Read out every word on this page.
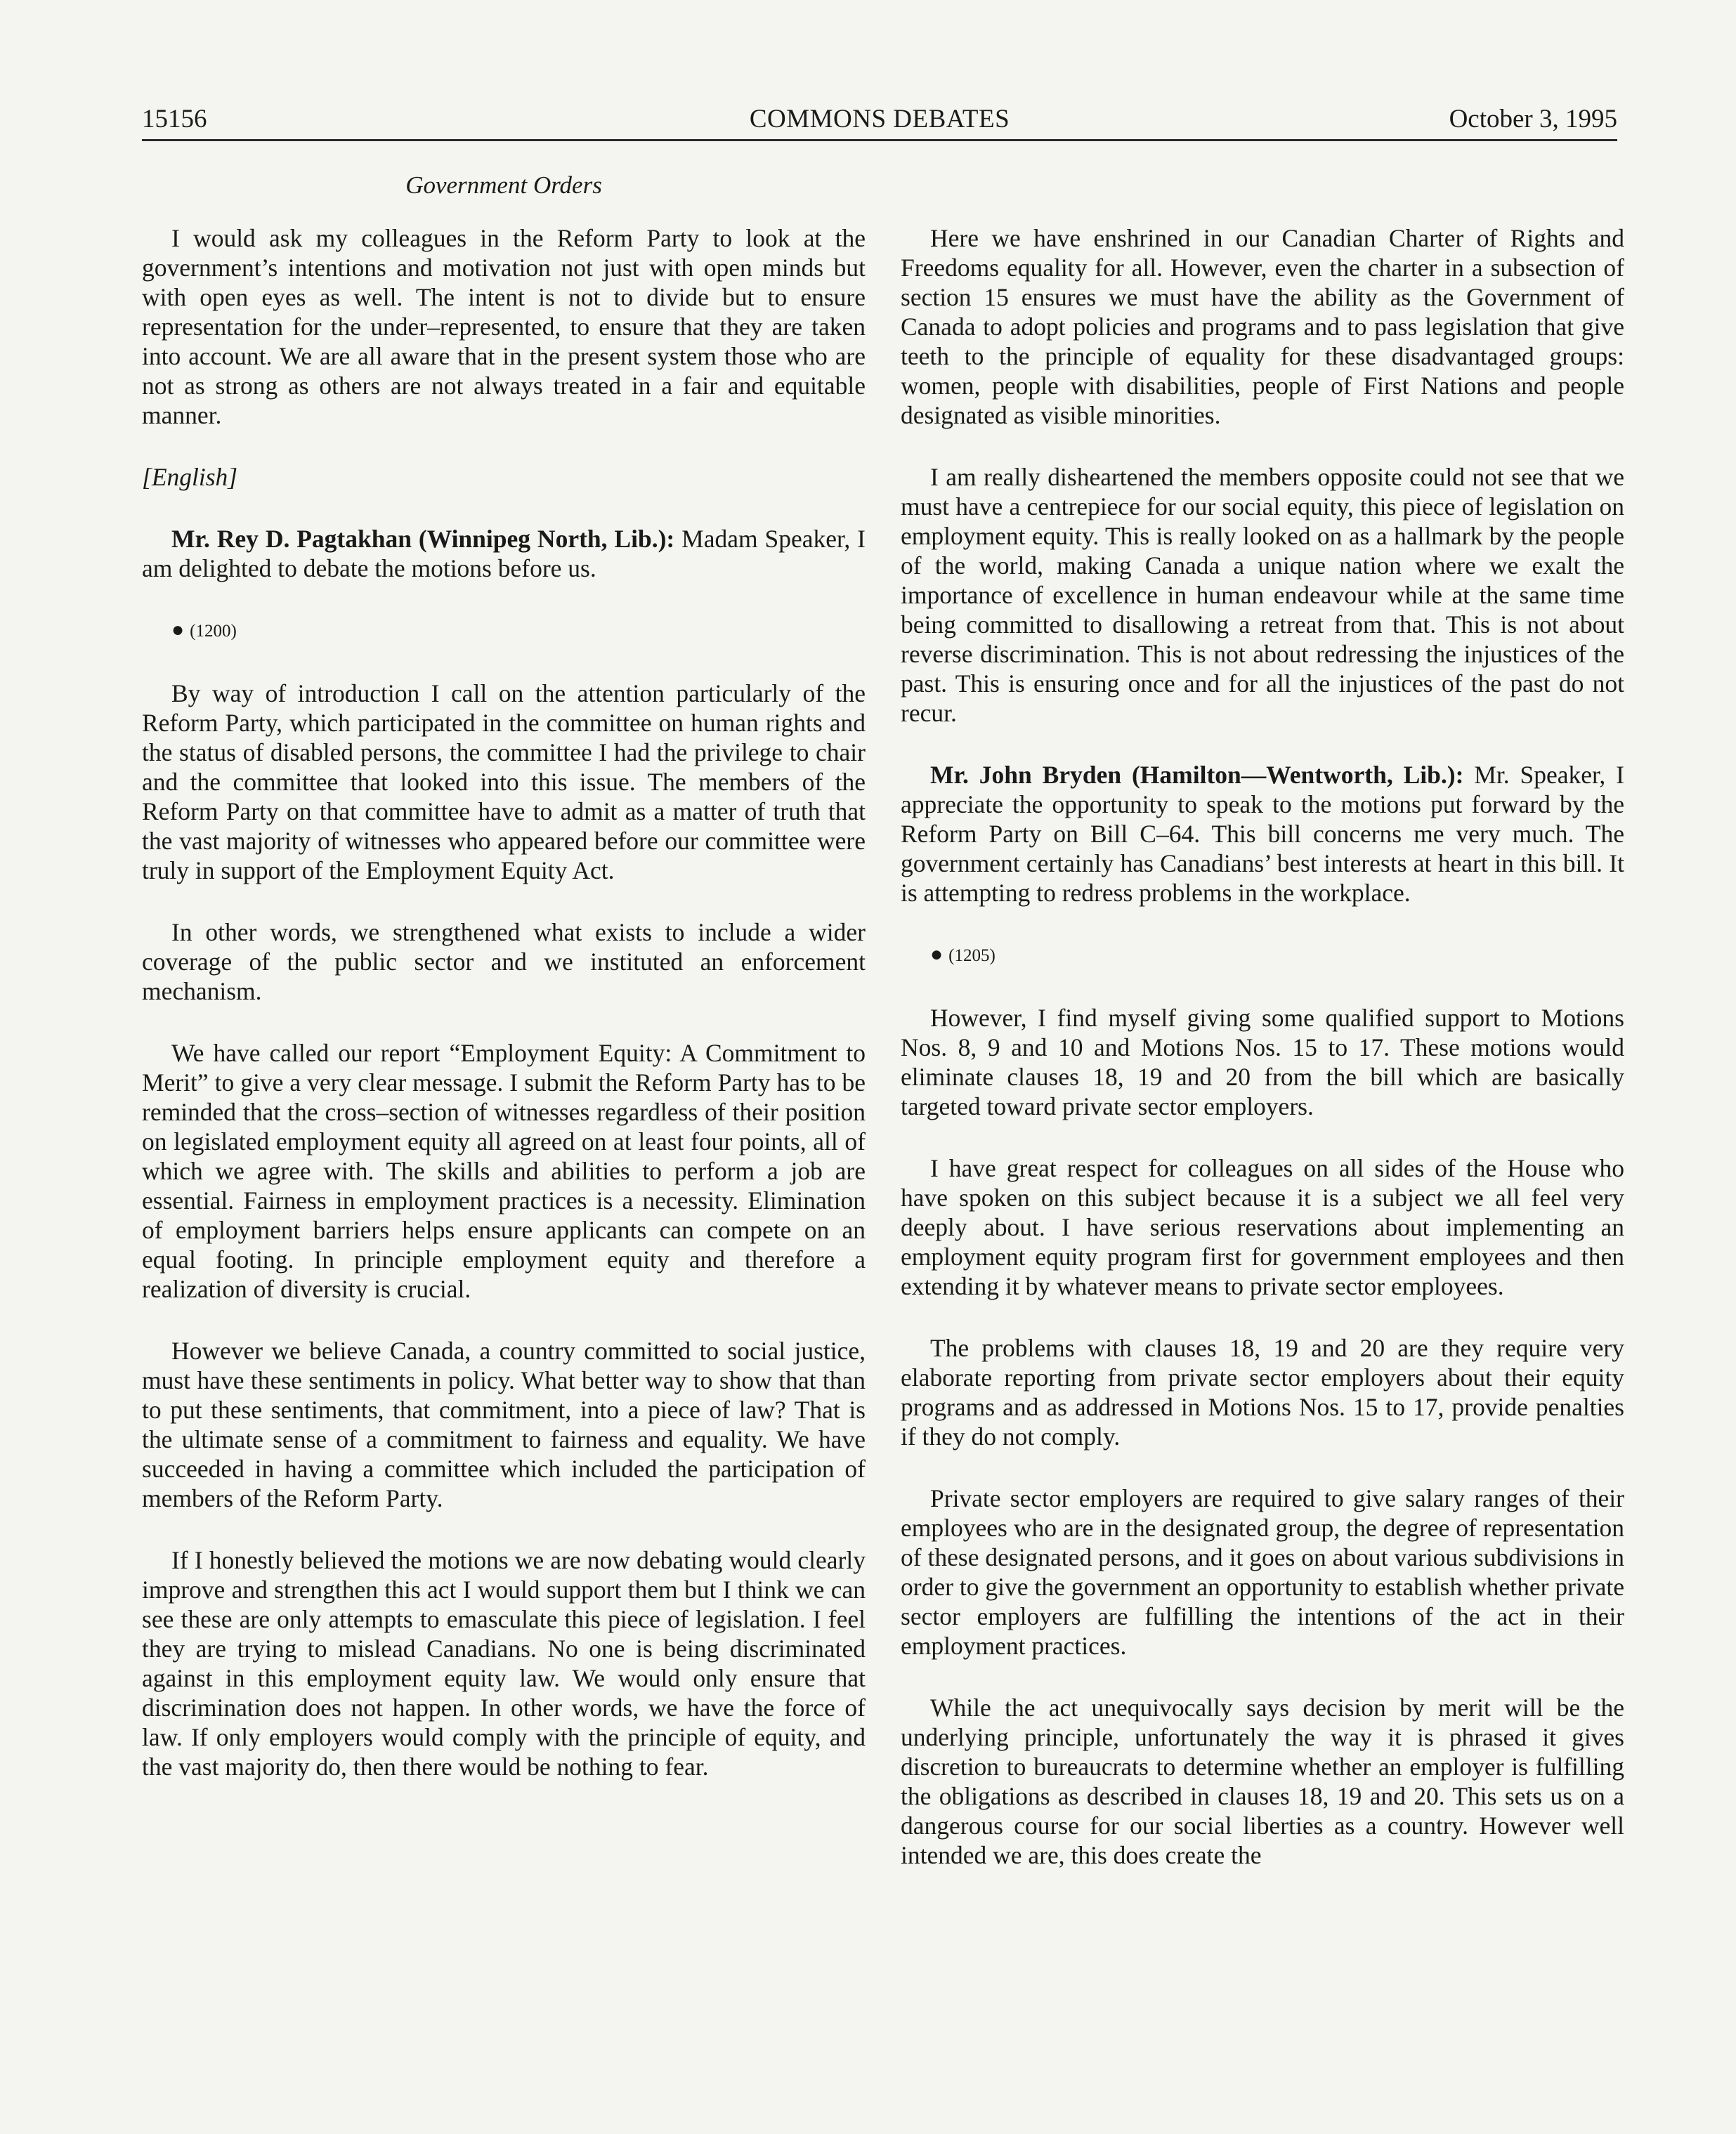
15156	COMMONS DEBATES	October 3, 1995
Government Orders

I would ask my colleagues in the Reform Party to look at the government’s intentions and motivation not just with open minds but with open eyes as well. The intent is not to divide but to ensure representation for the under–represented, to ensure that they are taken into account. We are all aware that in the present system those who are not as strong as others are not always treated in a fair and equitable manner.

[English]

Mr. Rey D. Pagtakhan (Winnipeg North, Lib.): Madam Speaker, I am delighted to debate the motions before us.

● (1200)

By way of introduction I call on the attention particularly of the Reform Party, which participated in the committee on human rights and the status of disabled persons, the committee I had the privilege to chair and the committee that looked into this issue. The members of the Reform Party on that committee have to admit as a matter of truth that the vast majority of witnesses who appeared before our committee were truly in support of the Employment Equity Act.

In other words, we strengthened what exists to include a wider coverage of the public sector and we instituted an enforcement mechanism.

We have called our report “Employment Equity: A Commitment to Merit” to give a very clear message. I submit the Reform Party has to be reminded that the cross–section of witnesses regardless of their position on legislated employment equity all agreed on at least four points, all of which we agree with. The skills and abilities to perform a job are essential. Fairness in employment practices is a necessity. Elimination of employment barriers helps ensure applicants can compete on an equal footing. In principle employment equity and therefore a realization of diversity is crucial.

However we believe Canada, a country committed to social justice, must have these sentiments in policy. What better way to show that than to put these sentiments, that commitment, into a piece of law? That is the ultimate sense of a commitment to fairness and equality. We have succeeded in having a committee which included the participation of members of the Reform Party.

If I honestly believed the motions we are now debating would clearly improve and strengthen this act I would support them but I think we can see these are only attempts to emasculate this piece of legislation. I feel they are trying to mislead Canadians. No one is being discriminated against in this employment equity law. We would only ensure that discrimination does not happen. In other words, we have the force of law. If only employers would comply with the principle of equity, and the vast majority do, then there would be nothing to fear.

Here we have enshrined in our Canadian Charter of Rights and Freedoms equality for all. However, even the charter in a subsection of section 15 ensures we must have the ability as the Government of Canada to adopt policies and programs and to pass legislation that give teeth to the principle of equality for these disadvantaged groups: women, people with disabilities, people of First Nations and people designated as visible minorities.

I am really disheartened the members opposite could not see that we must have a centrepiece for our social equity, this piece of legislation on employment equity. This is really looked on as a hallmark by the people of the world, making Canada a unique nation where we exalt the importance of excellence in human endeavour while at the same time being committed to disallowing a retreat from that. This is not about reverse discrimination. This is not about redressing the injustices of the past. This is ensuring once and for all the injustices of the past do not recur.

Mr. John Bryden (Hamilton—Wentworth, Lib.): Mr. Speaker, I appreciate the opportunity to speak to the motions put forward by the Reform Party on Bill C–64. This bill concerns me very much. The government certainly has Canadians’ best interests at heart in this bill. It is attempting to redress problems in the workplace.

● (1205)

However, I find myself giving some qualified support to Motions Nos. 8, 9 and 10 and Motions Nos. 15 to 17. These motions would eliminate clauses 18, 19 and 20 from the bill which are basically targeted toward private sector employers.

I have great respect for colleagues on all sides of the House who have spoken on this subject because it is a subject we all feel very deeply about. I have serious reservations about implementing an employment equity program first for government employees and then extending it by whatever means to private sector employees.

The problems with clauses 18, 19 and 20 are they require very elaborate reporting from private sector employers about their equity programs and as addressed in Motions Nos. 15 to 17, provide penalties if they do not comply.

Private sector employers are required to give salary ranges of their employees who are in the designated group, the degree of representation of these designated persons, and it goes on about various subdivisions in order to give the government an opportunity to establish whether private sector employers are fulfilling the intentions of the act in their employment practices.

While the act unequivocally says decision by merit will be the underlying principle, unfortunately the way it is phrased it gives discretion to bureaucrats to determine whether an employer is fulfilling the obligations as described in clauses 18, 19 and 20. This sets us on a dangerous course for our social liberties as a country. However well intended we are, this does create the
